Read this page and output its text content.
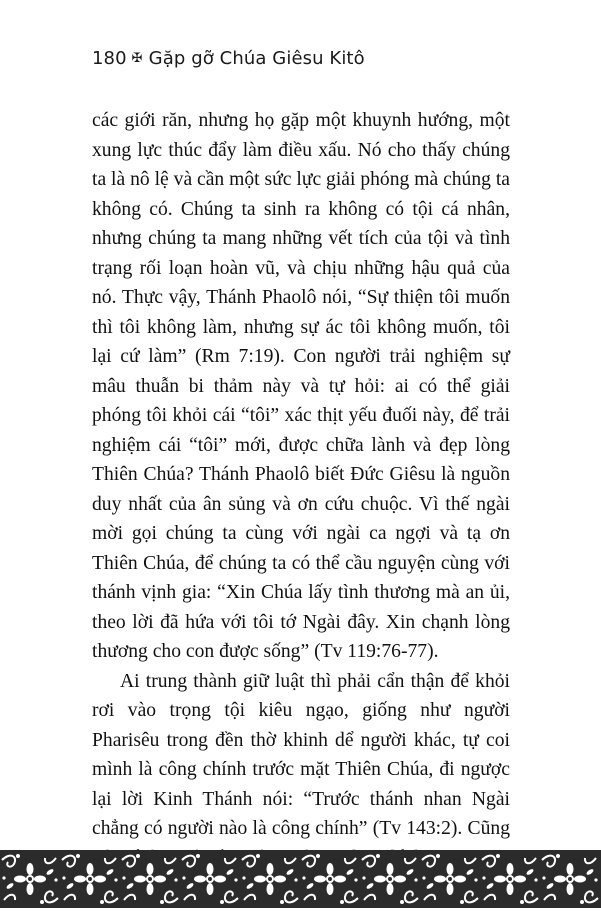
180 ✠ Gặp gỡ Chúa Giêsu Kitô

các giới răn, nhưng họ gặp một khuynh hướng, một xung lực thúc đẩy làm điều xấu. Nó cho thấy chúng ta là nô lệ và cần một sức lực giải phóng mà chúng ta không có. Chúng ta sinh ra không có tội cá nhân, nhưng chúng ta mang những vết tích của tội và tình trạng rối loạn hoàn vũ, và chịu những hậu quả của nó. Thực vậy, Thánh Phaolô nói, “Sự thiện tôi muốn thì tôi không làm, nhưng sự ác tôi không muốn, tôi lại cứ làm” (Rm 7:19). Con người trải nghiệm sự mâu thuẫn bi thảm này và tự hỏi: ai có thể giải phóng tôi khỏi cái “tôi” xác thịt yếu đuối này, để trải nghiệm cái “tôi” mới, được chữa lành và đẹp lòng Thiên Chúa? Thánh Phaolô biết Đức Giêsu là nguồn duy nhất của ân sủng và ơn cứu chuộc. Vì thế ngài mời gọi chúng ta cùng với ngài ca ngợi và tạ ơn Thiên Chúa, để chúng ta có thể cầu nguyện cùng với thánh vịnh gia: “Xin Chúa lấy tình thương mà an ủi, theo lời đã hứa với tôi tớ Ngài đây. Xin chạnh lòng thương cho con được sống” (Tv 119:76-77).

Ai trung thành giữ luật thì phải cẩn thận để khỏi rơi vào trọng tội kiêu ngạo, giống như người Pharisêu trong đền thờ khinh dể người khác, tự coi mình là công chính trước mặt Thiên Chúa, đi ngược lại lời Kinh Thánh nói: “Trước thánh nhan Ngài chẳng có người nào là công chính” (Tv 143:2). Cũng
